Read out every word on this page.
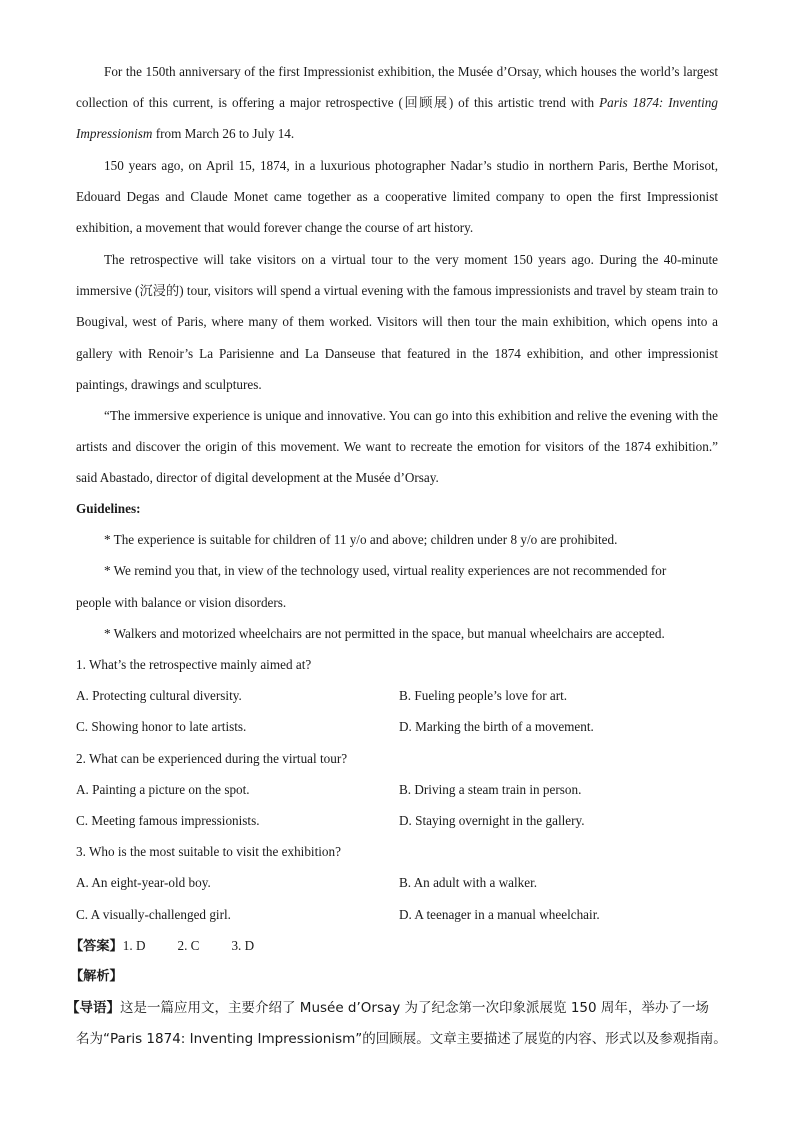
For the 150th anniversary of the first Impressionist exhibition, the Musée d’Orsay, which houses the world’s largest collection of this current, is offering a major retrospective (回顾展) of this artistic trend with Paris 1874: Inventing Impressionism from March 26 to July 14.
150 years ago, on April 15, 1874, in a luxurious photographer Nadar’s studio in northern Paris, Berthe Morisot, Edouard Degas and Claude Monet came together as a cooperative limited company to open the first Impressionist exhibition, a movement that would forever change the course of art history.
The retrospective will take visitors on a virtual tour to the very moment 150 years ago. During the 40-minute immersive (沉浸的) tour, visitors will spend a virtual evening with the famous impressionists and travel by steam train to Bougival, west of Paris, where many of them worked. Visitors will then tour the main exhibition, which opens into a gallery with Renoir’s La Parisienne and La Danseuse that featured in the 1874 exhibition, and other impressionist paintings, drawings and sculptures.
“The immersive experience is unique and innovative. You can go into this exhibition and relive the evening with the artists and discover the origin of this movement. We want to recreate the emotion for visitors of the 1874 exhibition.” said Abastado, director of digital development at the Musée d’Orsay.
Guidelines:
* The experience is suitable for children of 11 y/o and above; children under 8 y/o are prohibited.
* We remind you that, in view of the technology used, virtual reality experiences are not recommended for
people with balance or vision disorders.
* Walkers and motorized wheelchairs are not permitted in the space, but manual wheelchairs are accepted.
1. What’s the retrospective mainly aimed at?
A. Protecting cultural diversity.	B. Fueling people’s love for art.
C. Showing honor to late artists.	D. Marking the birth of a movement.
2. What can be experienced during the virtual tour?
A. Painting a picture on the spot.	B. Driving a steam train in person.
C. Meeting famous impressionists.	D. Staying overnight in the gallery.
3. Who is the most suitable to visit the exhibition?
A. An eight-year-old boy.	B. An adult with a walker.
C. A visually-challenged girl.	D. A teenager in a manual wheelchair.
【答案】1. D 2. C 3. D
【解析】
【导语】这是一篇应用文，主要介绍了 Musée d’Orsay 为了纪念第一次印象派展览 150 周年，举办了一场
名为“Paris 1874: Inventing Impressionism”的回顾展。文章主要描述了展览的内容、形式以及参观指南。
